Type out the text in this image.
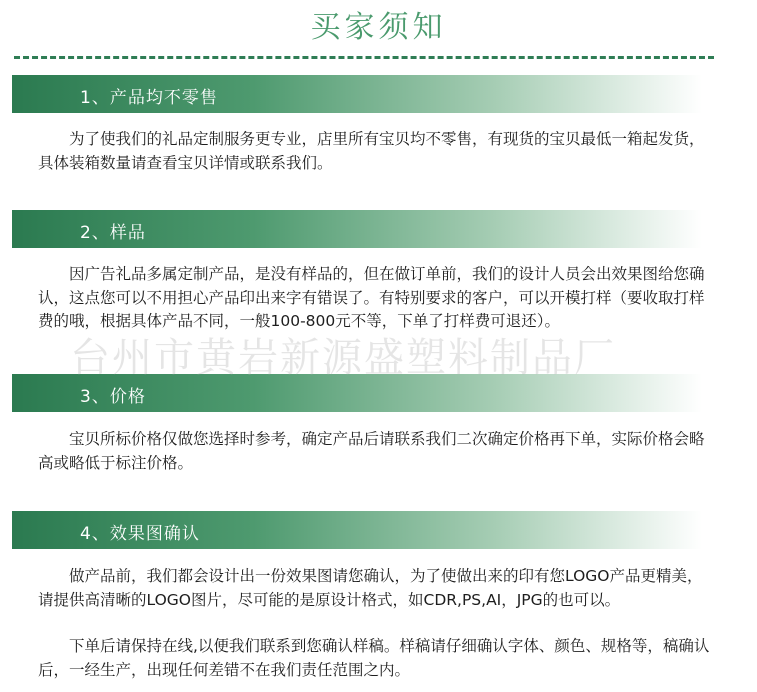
买家须知
1、产品均不零售

为了使我们的礼品定制服务更专业，店里所有宝贝均不零售，有现货的宝贝最低一箱起发货，具体装箱数量请查看宝贝详情或联系我们。

2、样品

因广告礼品多属定制产品，是没有样品的，但在做订单前，我们的设计人员会出效果图给您确认，这点您可以不用担心产品印出来字有错误了。有特别要求的客户，可以开模打样（要收取打样费的哦，根据具体产品不同，一般100-800元不等，下单了打样费可退还）。

3、价格

宝贝所标价格仅做您选择时参考，确定产品后请联系我们二次确定价格再下单，实际价格会略高或略低于标注价格。

4、效果图确认

做产品前，我们都会设计出一份效果图请您确认，为了使做出来的印有您LOGO产品更精美，请提供高清晰的LOGO图片，尽可能的是原设计格式，如CDR,PS,AI，JPG的也可以。

下单后请保持在线,以便我们联系到您确认样稿。样稿请仔细确认字体、颜色、规格等，稿确认后，一经生产，出现任何差错不在我们责任范围之内。

台州市黄岩新源盛塑料制品厂
